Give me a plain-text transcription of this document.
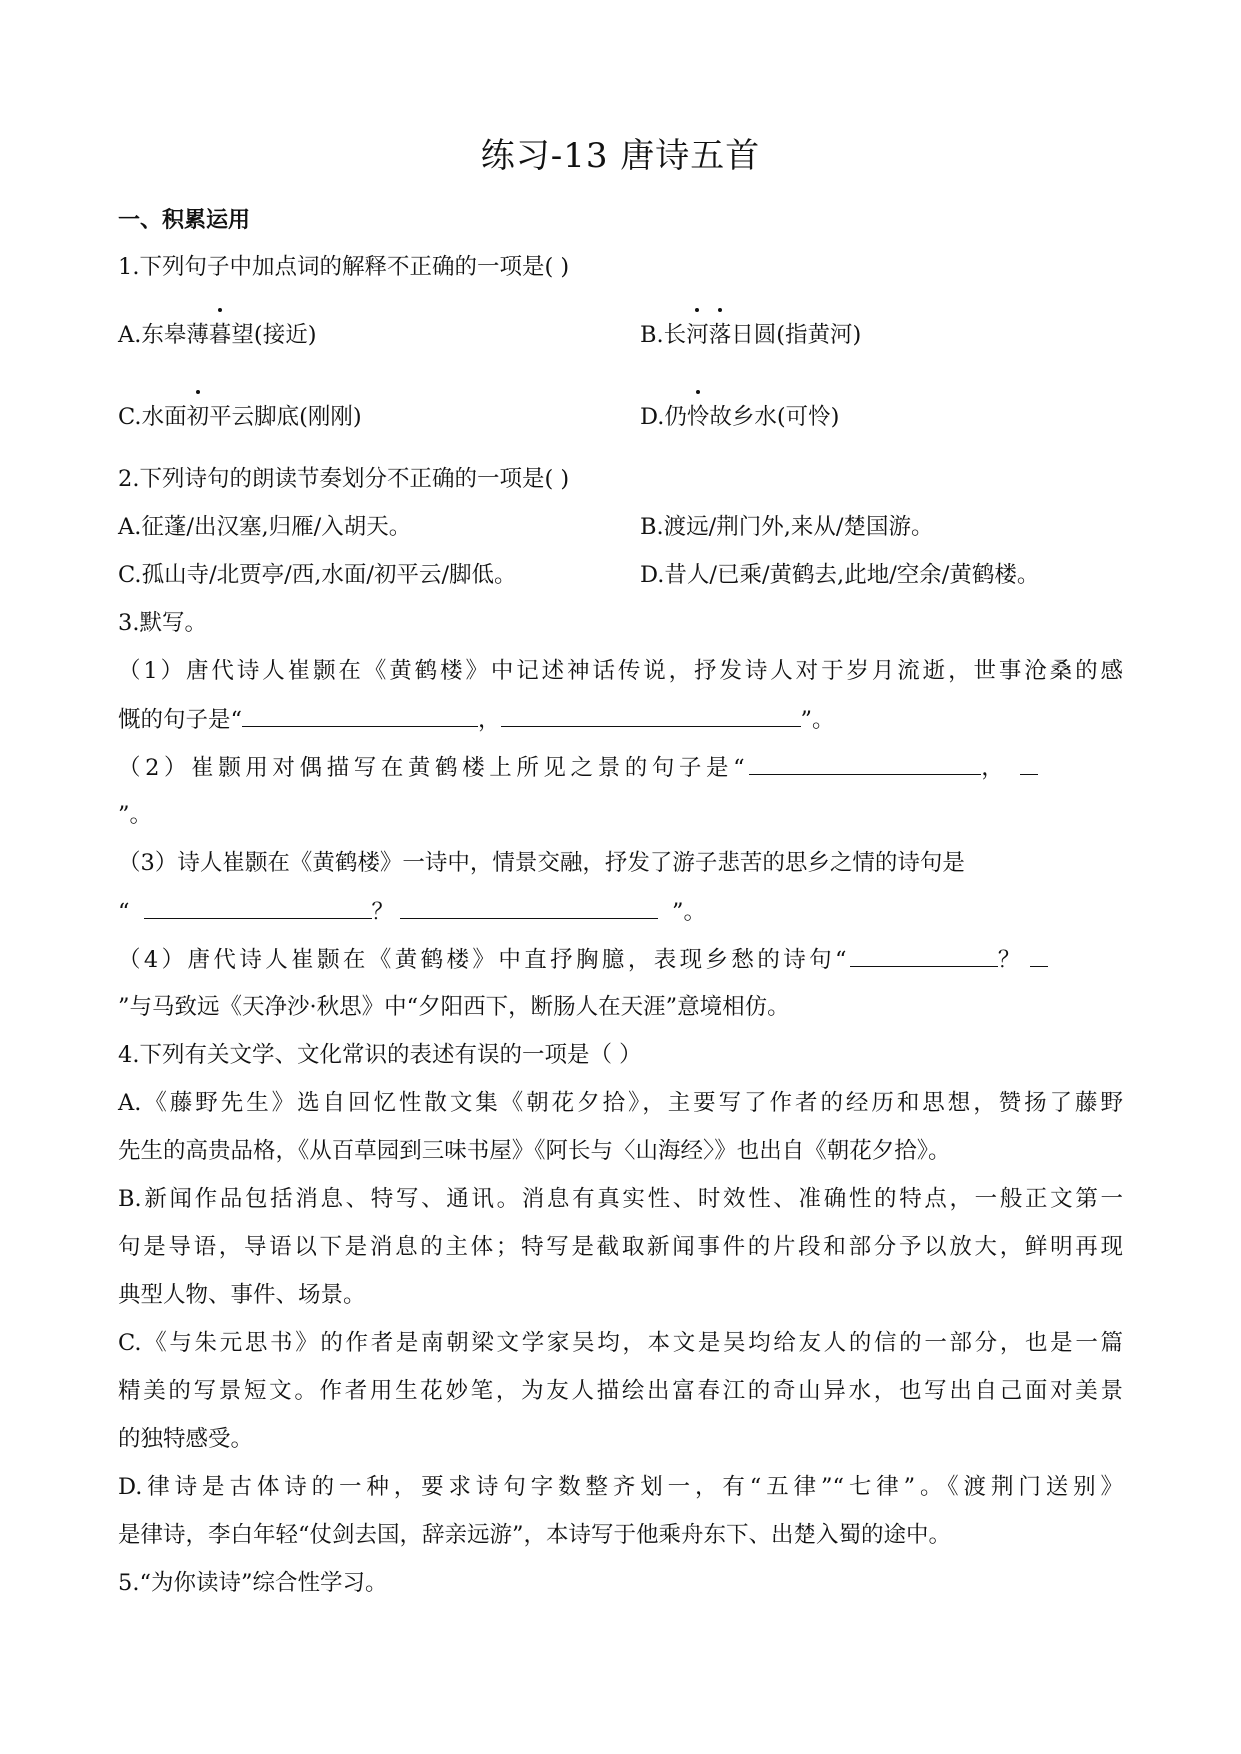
练习-13 唐诗五首
一、积累运用
1.下列句子中加点词的解释不正确的一项是( )
A.东皋薄暮望(接近)	B.长河落日圆(指黄河)
C.水面初平云脚底(刚刚)	D.仍怜故乡水(可怜)
2.下列诗句的朗读节奏划分不正确的一项是( )
A.征蓬/出汉塞,归雁/入胡天。	B.渡远/荆门外,来从/楚国游。
C.孤山寺/北贾亭/西,水面/初平云/脚低。	D.昔人/已乘/黄鹤去,此地/空余/黄鹤楼。
3.默写。
（1）唐代诗人崔颢在《黄鹤楼》中记述神话传说，抒发诗人对于岁月流逝，世事沧桑的感
慨的句子是“	，	”。
（2）崔颢用对偶描写在黄鹤楼上所见之景的句子是“	，
”。
（3）诗人崔颢在《黄鹤楼》一诗中，情景交融，抒发了游子悲苦的思乡之情的诗句是
“	？	”。
（4）唐代诗人崔颢在《黄鹤楼》中直抒胸臆，表现乡愁的诗句“	？
”与马致远《天净沙·秋思》中“夕阳西下，断肠人在天涯”意境相仿。
4.下列有关文学、文化常识的表述有误的一项是（ ）
A.《藤野先生》选自回忆性散文集《朝花夕拾》，主要写了作者的经历和思想，赞扬了藤野
先生的高贵品格，《从百草园到三味书屋》《阿长与〈山海经〉》也出自《朝花夕拾》。
B.新闻作品包括消息、特写、通讯。消息有真实性、时效性、准确性的特点，一般正文第一
句是导语，导语以下是消息的主体；特写是截取新闻事件的片段和部分予以放大，鲜明再现
典型人物、事件、场景。
C.《与朱元思书》的作者是南朝梁文学家吴均，本文是吴均给友人的信的一部分，也是一篇
精美的写景短文。作者用生花妙笔，为友人描绘出富春江的奇山异水，也写出自己面对美景
的独特感受。
D.律诗是古体诗的一种，要求诗句字数整齐划一，有“五律”“七律”。《渡荆门送别》
是律诗，李白年轻“仗剑去国，辞亲远游”，本诗写于他乘舟东下、出楚入蜀的途中。
5.“为你读诗”综合性学习。
